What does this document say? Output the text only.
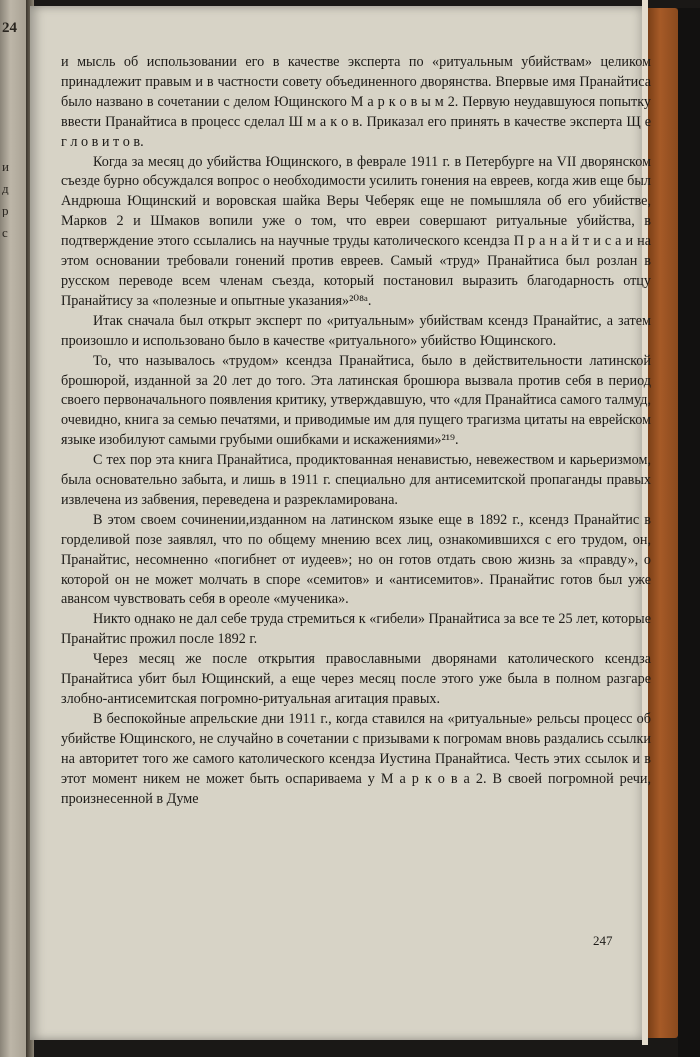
24
и
д
р
с

и мысль об использовании его в качестве эксперта по «ритуальным убийствам» целиком принадлежит правым и в частности совету объединенного дворянства. Впервые имя Пранайтиса было названо в сочетании с делом Ющинского М а р к о в ы м 2. Первую неудавшуюся попытку ввести Пранайтиса в процесс сделал Ш м а к о в. Приказал его принять в качестве эксперта Щ е г л о в и т о в.

Когда за месяц до убийства Ющинского, в феврале 1911 г. в Петербурге на VII дворянском съезде бурно обсуждался вопрос о необходимости усилить гонения на евреев, когда жив еще был Андрюша Ющинский и воровская шайка Веры Чеберяк еще не помышляла об его убийстве, Марков 2 и Шмаков вопили уже о том, что евреи совершают ритуальные убийства, в подтверждение этого ссылались на научные труды католического ксендза П р а н а й т и с а и на этом основании требовали гонений против евреев. Самый «труд» Пранайтиса был розлан в русском переводе всем членам съезда, который постановил выразить благодарность отцу Пранайтису за «полезные и опытные указания»²⁰⁸ᵃ.

Итак сначала был открыт эксперт по «ритуальным» убийствам ксендз Пранайтис, а затем произошло и использовано было в качестве «ритуального» убийство Ющинского.

То, что называлось «трудом» ксендза Пранайтиса, было в действительности латинской брошюрой, изданной за 20 лет до того. Эта латинская брошюра вызвала против себя в период своего первоначального появления критику, утверждавшую, что «для Пранайтиса самого талмуд, очевидно, книга за семью печатями, и приводимые им для пущего трагизма цитаты на еврейском языке изобилуют самыми грубыми ошибками и искажениями»²¹⁹.

С тех пор эта книга Пранайтиса, продиктованная ненавистью, невежеством и карьеризмом, была основательно забыта, и лишь в 1911 г. специально для антисемитской пропаганды правых извлечена из забвения, переведена и разрекламирована.

В этом своем сочинении,изданном на латинском языке еще в 1892 г., ксендз Пранайтис в горделивой позе заявлял, что по общему мнению всех лиц, ознакомившихся с его трудом, он, Пранайтис, несомненно «погибнет от иудеев»; но он готов отдать свою жизнь за «правду», о которой он не может молчать в споре «семитов» и «антисемитов». Пранайтис готов был уже авансом чувствовать себя в ореоле «мученика».

Никто однако не дал себе труда стремиться к «гибели» Пранайтиса за все те 25 лет, которые Пранайтис прожил после 1892 г.

Через месяц же после открытия православными дворянами католического ксендза Пранайтиса убит был Ющинский, а еще через месяц после этого уже была в полном разгаре злобно-антисемитская погромно-ритуальная агитация правых.

В беспокойные апрельские дни 1911 г., когда ставился на «ритуальные» рельсы процесс об убийстве Ющинского, не случайно в сочетании с призывами к погромам вновь раздались ссылки на авторитет того же самого католического ксендза Иустина Пранайтиса. Честь этих ссылок и в этот момент никем не может быть оспариваема у М а р к о в а 2. В своей погромной речи, произнесенной в Думе

247
